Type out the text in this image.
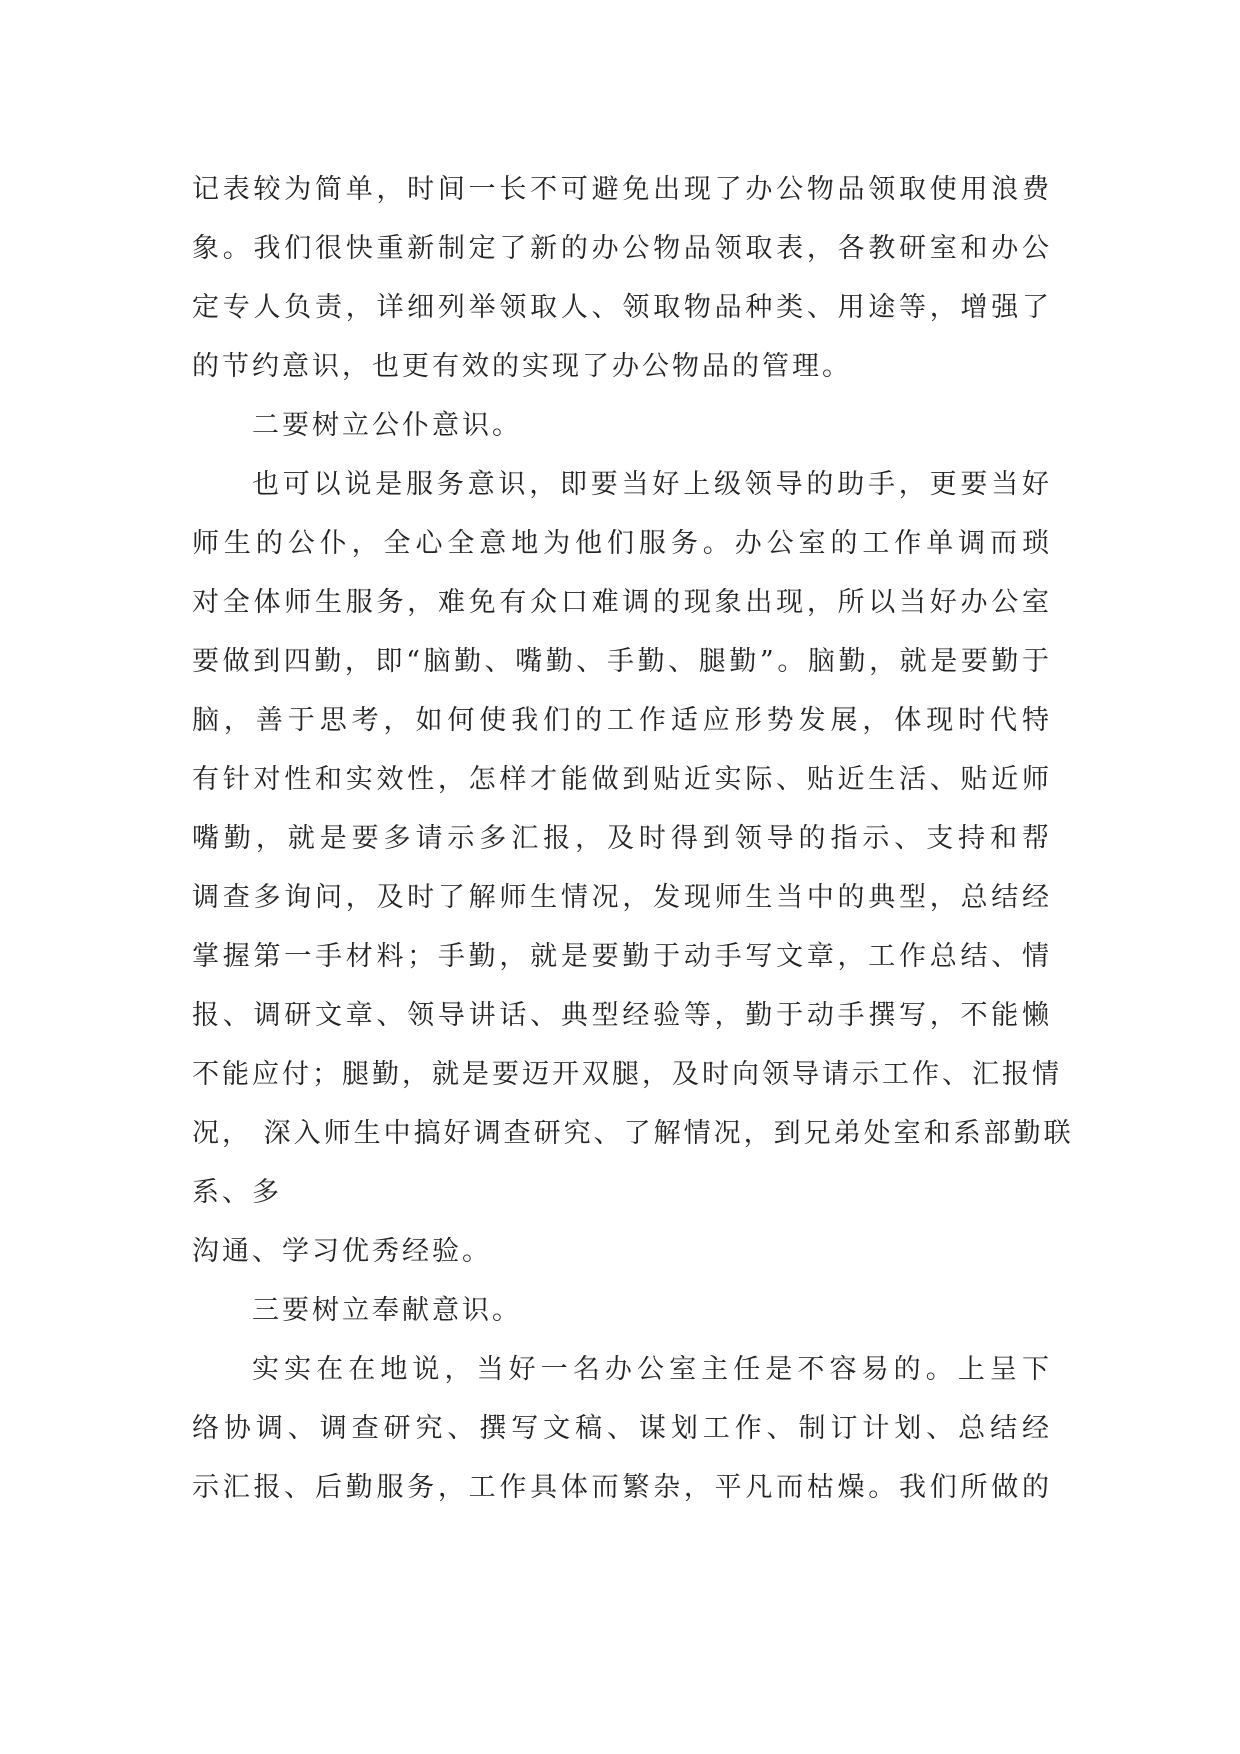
记表较为简单，时间一长不可避免出现了办公物品领取使用浪费
象。我们很快重新制定了新的办公物品领取表，各教研室和办公
定专人负责，详细列举领取人、领取物品种类、用途等，增强了
的节约意识，也更有效的实现了办公物品的管理。
二要树立公仆意识。
也可以说是服务意识，即要当好上级领导的助手，更要当好
师生的公仆，全心全意地为他们服务。办公室的工作单调而琐
对全体师生服务，难免有众口难调的现象出现，所以当好办公室
要做到四勤，即“脑勤、嘴勤、手勤、腿勤”。脑勤，就是要勤于
脑，善于思考，如何使我们的工作适应形势发展，体现时代特
有针对性和实效性，怎样才能做到贴近实际、贴近生活、贴近师
嘴勤，就是要多请示多汇报，及时得到领导的指示、支持和帮
调查多询问，及时了解师生情况，发现师生当中的典型，总结经
掌握第一手材料；手勤，就是要勤于动手写文章，工作总结、情
报、调研文章、领导讲话、典型经验等，勤于动手撰写，不能懒
不能应付；腿勤，就是要迈开双腿，及时向领导请示工作、汇报情
况， 深入师生中搞好调查研究、了解情况，到兄弟处室和系部勤联
系、多
沟通、学习优秀经验。
三要树立奉献意识。
实实在在地说，当好一名办公室主任是不容易的。上呈下
络协调、调查研究、撰写文稿、谋划工作、制订计划、总结经
示汇报、后勤服务，工作具体而繁杂，平凡而枯燥。我们所做的
